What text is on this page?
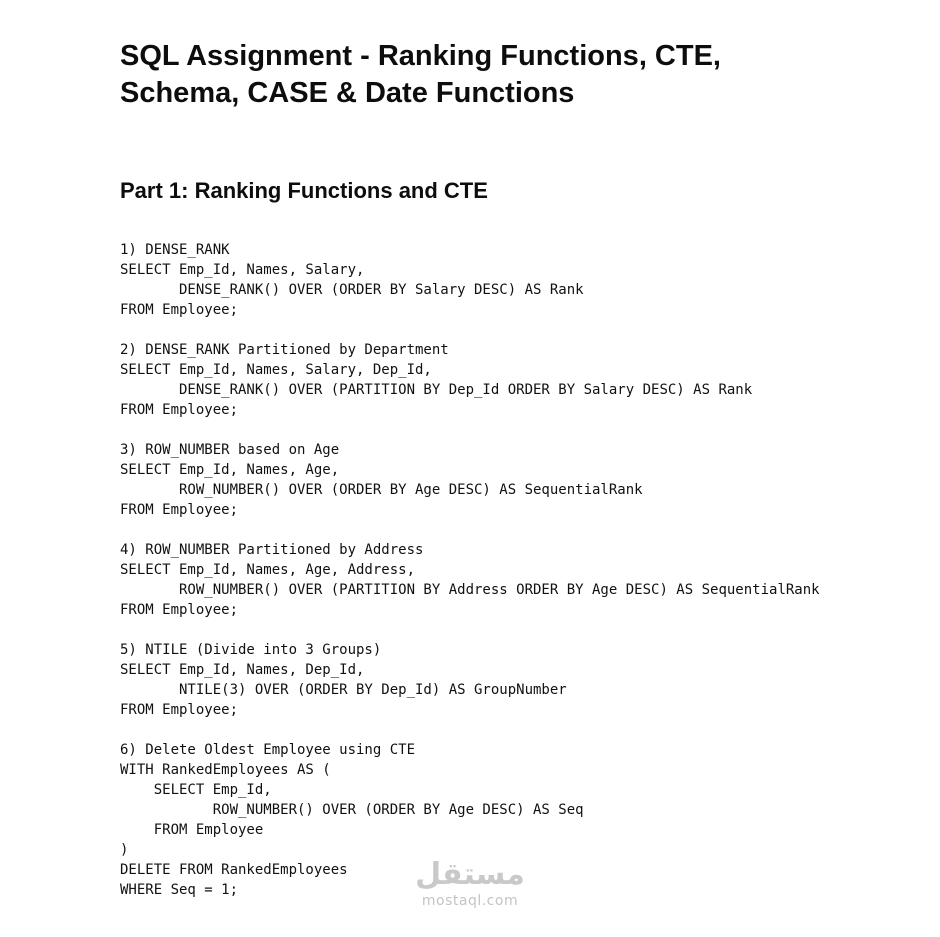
SQL Assignment - Ranking Functions, CTE,
Schema, CASE & Date Functions
Part 1: Ranking Functions and CTE
1) DENSE_RANK
SELECT Emp_Id, Names, Salary,
DENSE_RANK() OVER (ORDER BY Salary DESC) AS Rank
FROM Employee;
2) DENSE_RANK Partitioned by Department
SELECT Emp_Id, Names, Salary, Dep_Id,
DENSE_RANK() OVER (PARTITION BY Dep_Id ORDER BY Salary DESC) AS Rank
FROM Employee;
3) ROW_NUMBER based on Age
SELECT Emp_Id, Names, Age,
ROW_NUMBER() OVER (ORDER BY Age DESC) AS SequentialRank
FROM Employee;
4) ROW_NUMBER Partitioned by Address
SELECT Emp_Id, Names, Age, Address,
ROW_NUMBER() OVER (PARTITION BY Address ORDER BY Age DESC) AS SequentialRank
FROM Employee;
5) NTILE (Divide into 3 Groups)
SELECT Emp_Id, Names, Dep_Id,
NTILE(3) OVER (ORDER BY Dep_Id) AS GroupNumber
FROM Employee;
6) Delete Oldest Employee using CTE
WITH RankedEmployees AS (
SELECT Emp_Id,
ROW_NUMBER() OVER (ORDER BY Age DESC) AS Seq
FROM Employee
)
DELETE FROM RankedEmployees
WHERE Seq = 1;	مستقل
mostaql.com
